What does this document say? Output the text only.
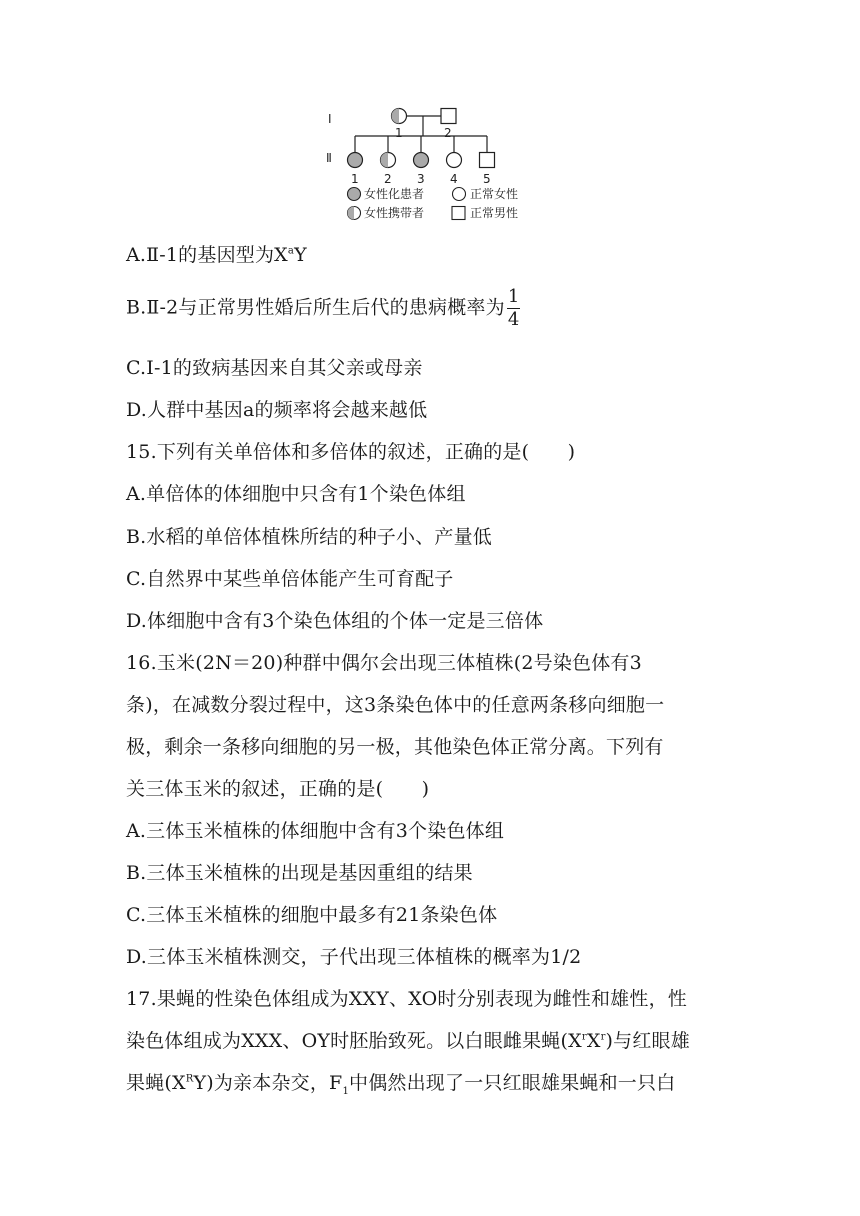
I
Ⅱ
1	2
1 2 3 4 5
女性化患者	正常女性
女性携带者	正常男性
A.Ⅱ-1的基因型为$X^aY$
B.Ⅱ-2与正常男性婚后所生后代的患病概率为 $\frac{1}{4}$
C.Ⅰ-1的致病基因来自其父亲或母亲
D.人群中基因a的频率将会越来越低
15.下列有关单倍体和多倍体的叙述，正确的是(　　)
A.单倍体的体细胞中只含有1个染色体组
B.水稻的单倍体植株所结的种子小、产量低
C.自然界中某些单倍体能产生可育配子
D.体细胞中含有3个染色体组的个体一定是三倍体
16.玉米(2N＝20)种群中偶尔会出现三体植株(2号染色体有3
条)，在减数分裂过程中，这3条染色体中的任意两条移向细胞一
极，剩余一条移向细胞的另一极，其他染色体正常分离。下列有
关三体玉米的叙述，正确的是(　　)
A.三体玉米植株的体细胞中含有3个染色体组
B.三体玉米植株的出现是基因重组的结果
C.三体玉米植株的细胞中最多有21条染色体
D.三体玉米植株测交，子代出现三体植株的概率为1/2
17.果蝇的性染色体组成为XXY、XO时分别表现为雌性和雄性，性
染色体组成为XXX、OY时胚胎致死。以白眼雌果蝇$(X^rX^r)$与红眼雄
果蝇$(X^RY)$为亲本杂交，$F_1$中偶然出现了一只红眼雄果蝇和一只白
